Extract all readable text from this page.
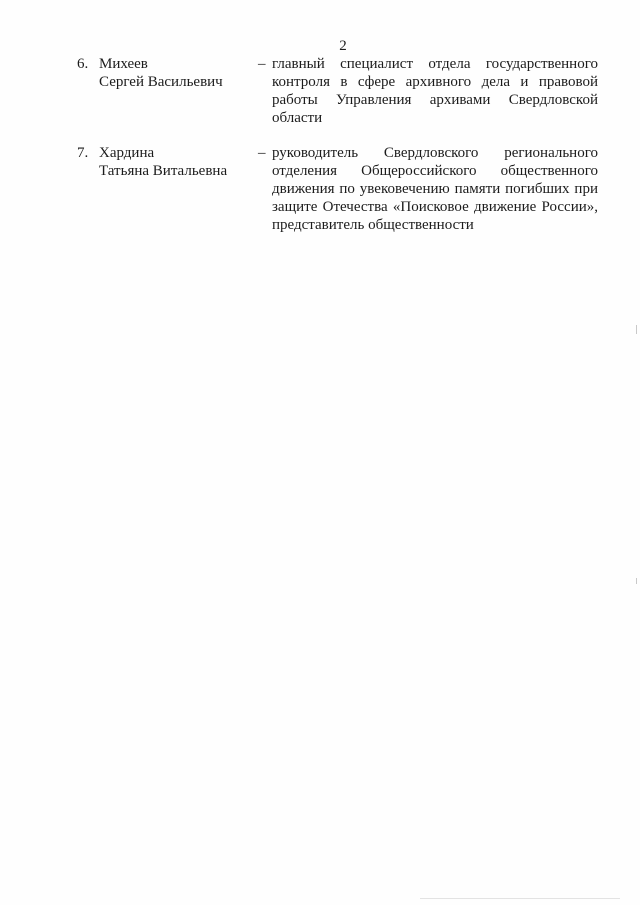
2
6. Михеев
Сергей Васильевич
– главный специалист отдела государственного контроля в сфере архивного дела и правовой работы Управления архивами Свердловской области
7. Хардина
Татьяна Витальевна
– руководитель Свердловского регионального отделения Общероссийского общественного движения по увековечению памяти погибших при защите Отечества «Поисковое движение России», представитель общественности
